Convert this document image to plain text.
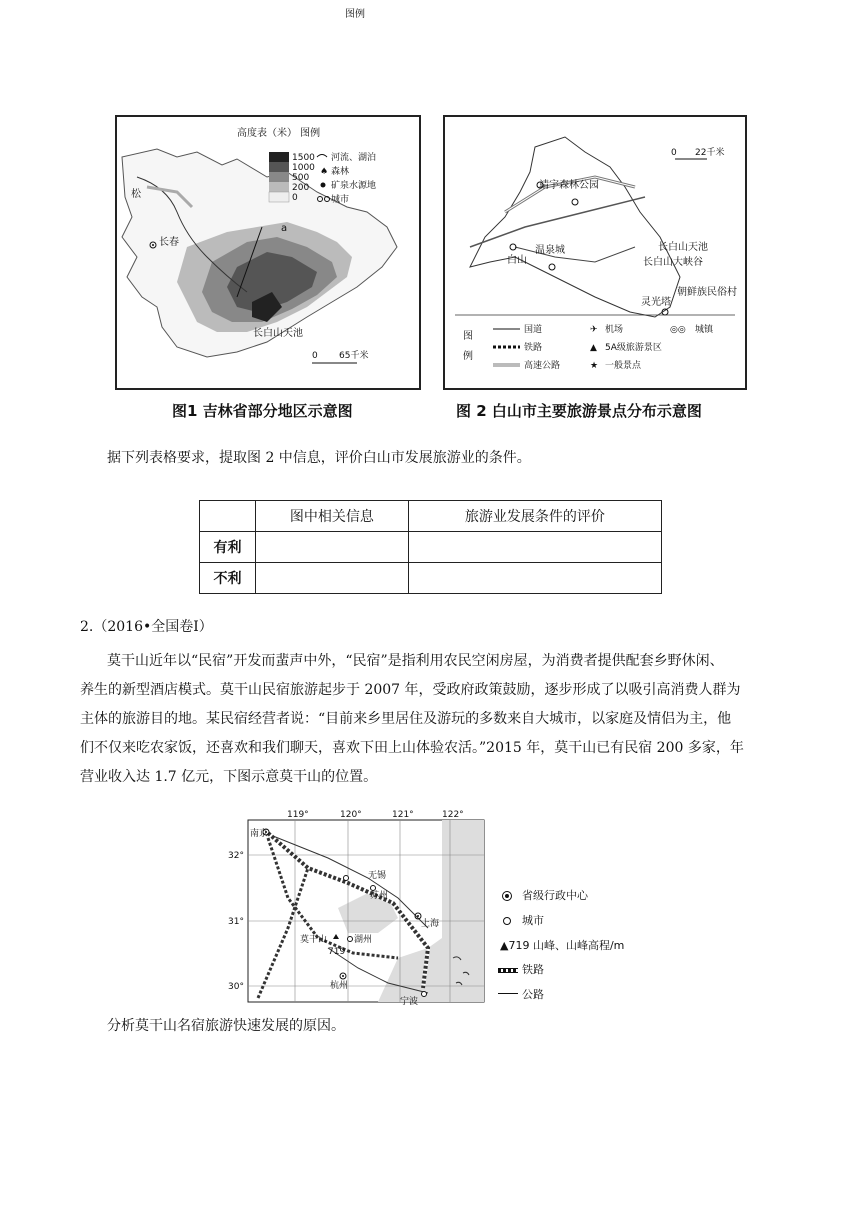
1500
1000
500
200
0
河流、湖泊
♠ 森林
矿泉水源地
城市
高度表（米） 图例
长春
松
a
长白山天池
0 65千米
图1 吉林省部分地区示意图
靖宇森林公园
温泉城
白山
长白山天池
长白山大峡谷
朝鲜族民俗村
灵光塔
0 22千米
图
例
国道	✈ 机场	◎◎ 城镇
铁路	▲ 5A级旅游景区
高速公路	★ 一般景点
图例
图 2 白山市主要旅游景点分布示意图
据下列表格要求，提取图 2 中信息，评价白山市发展旅游业的条件。
	图中相关信息	旅游业发展条件的评价
有利		
不利		
2.（2016•全国卷Ⅰ）
莫干山近年以“民宿”开发而蜚声中外，“民宿”是指利用农民空闲房屋，为消费者提供配套乡野休闲、
养生的新型酒店模式。莫干山民宿旅游起步于 2007 年，受政府政策鼓励，逐步形成了以吸引高消费人群为
主体的旅游目的地。某民宿经营者说：“目前来乡里居住及游玩的多数来自大城市，以家庭及情侣为主，他
们不仅来吃农家饭，还喜欢和我们聊天，喜欢下田上山体验农活。”2015 年，莫干山已有民宿 200 多家，年
营业收入达 1.7 亿元，下图示意莫干山的位置。
119°	120°	121°	122°
32°
31°
30°
南京
无锡
苏州
上海
莫干山	湖州
719
杭州
宁波
省级行政中心
城市
▲719 山峰、山峰高程/m
铁路
公路
分析莫干山名宿旅游快速发展的原因。
